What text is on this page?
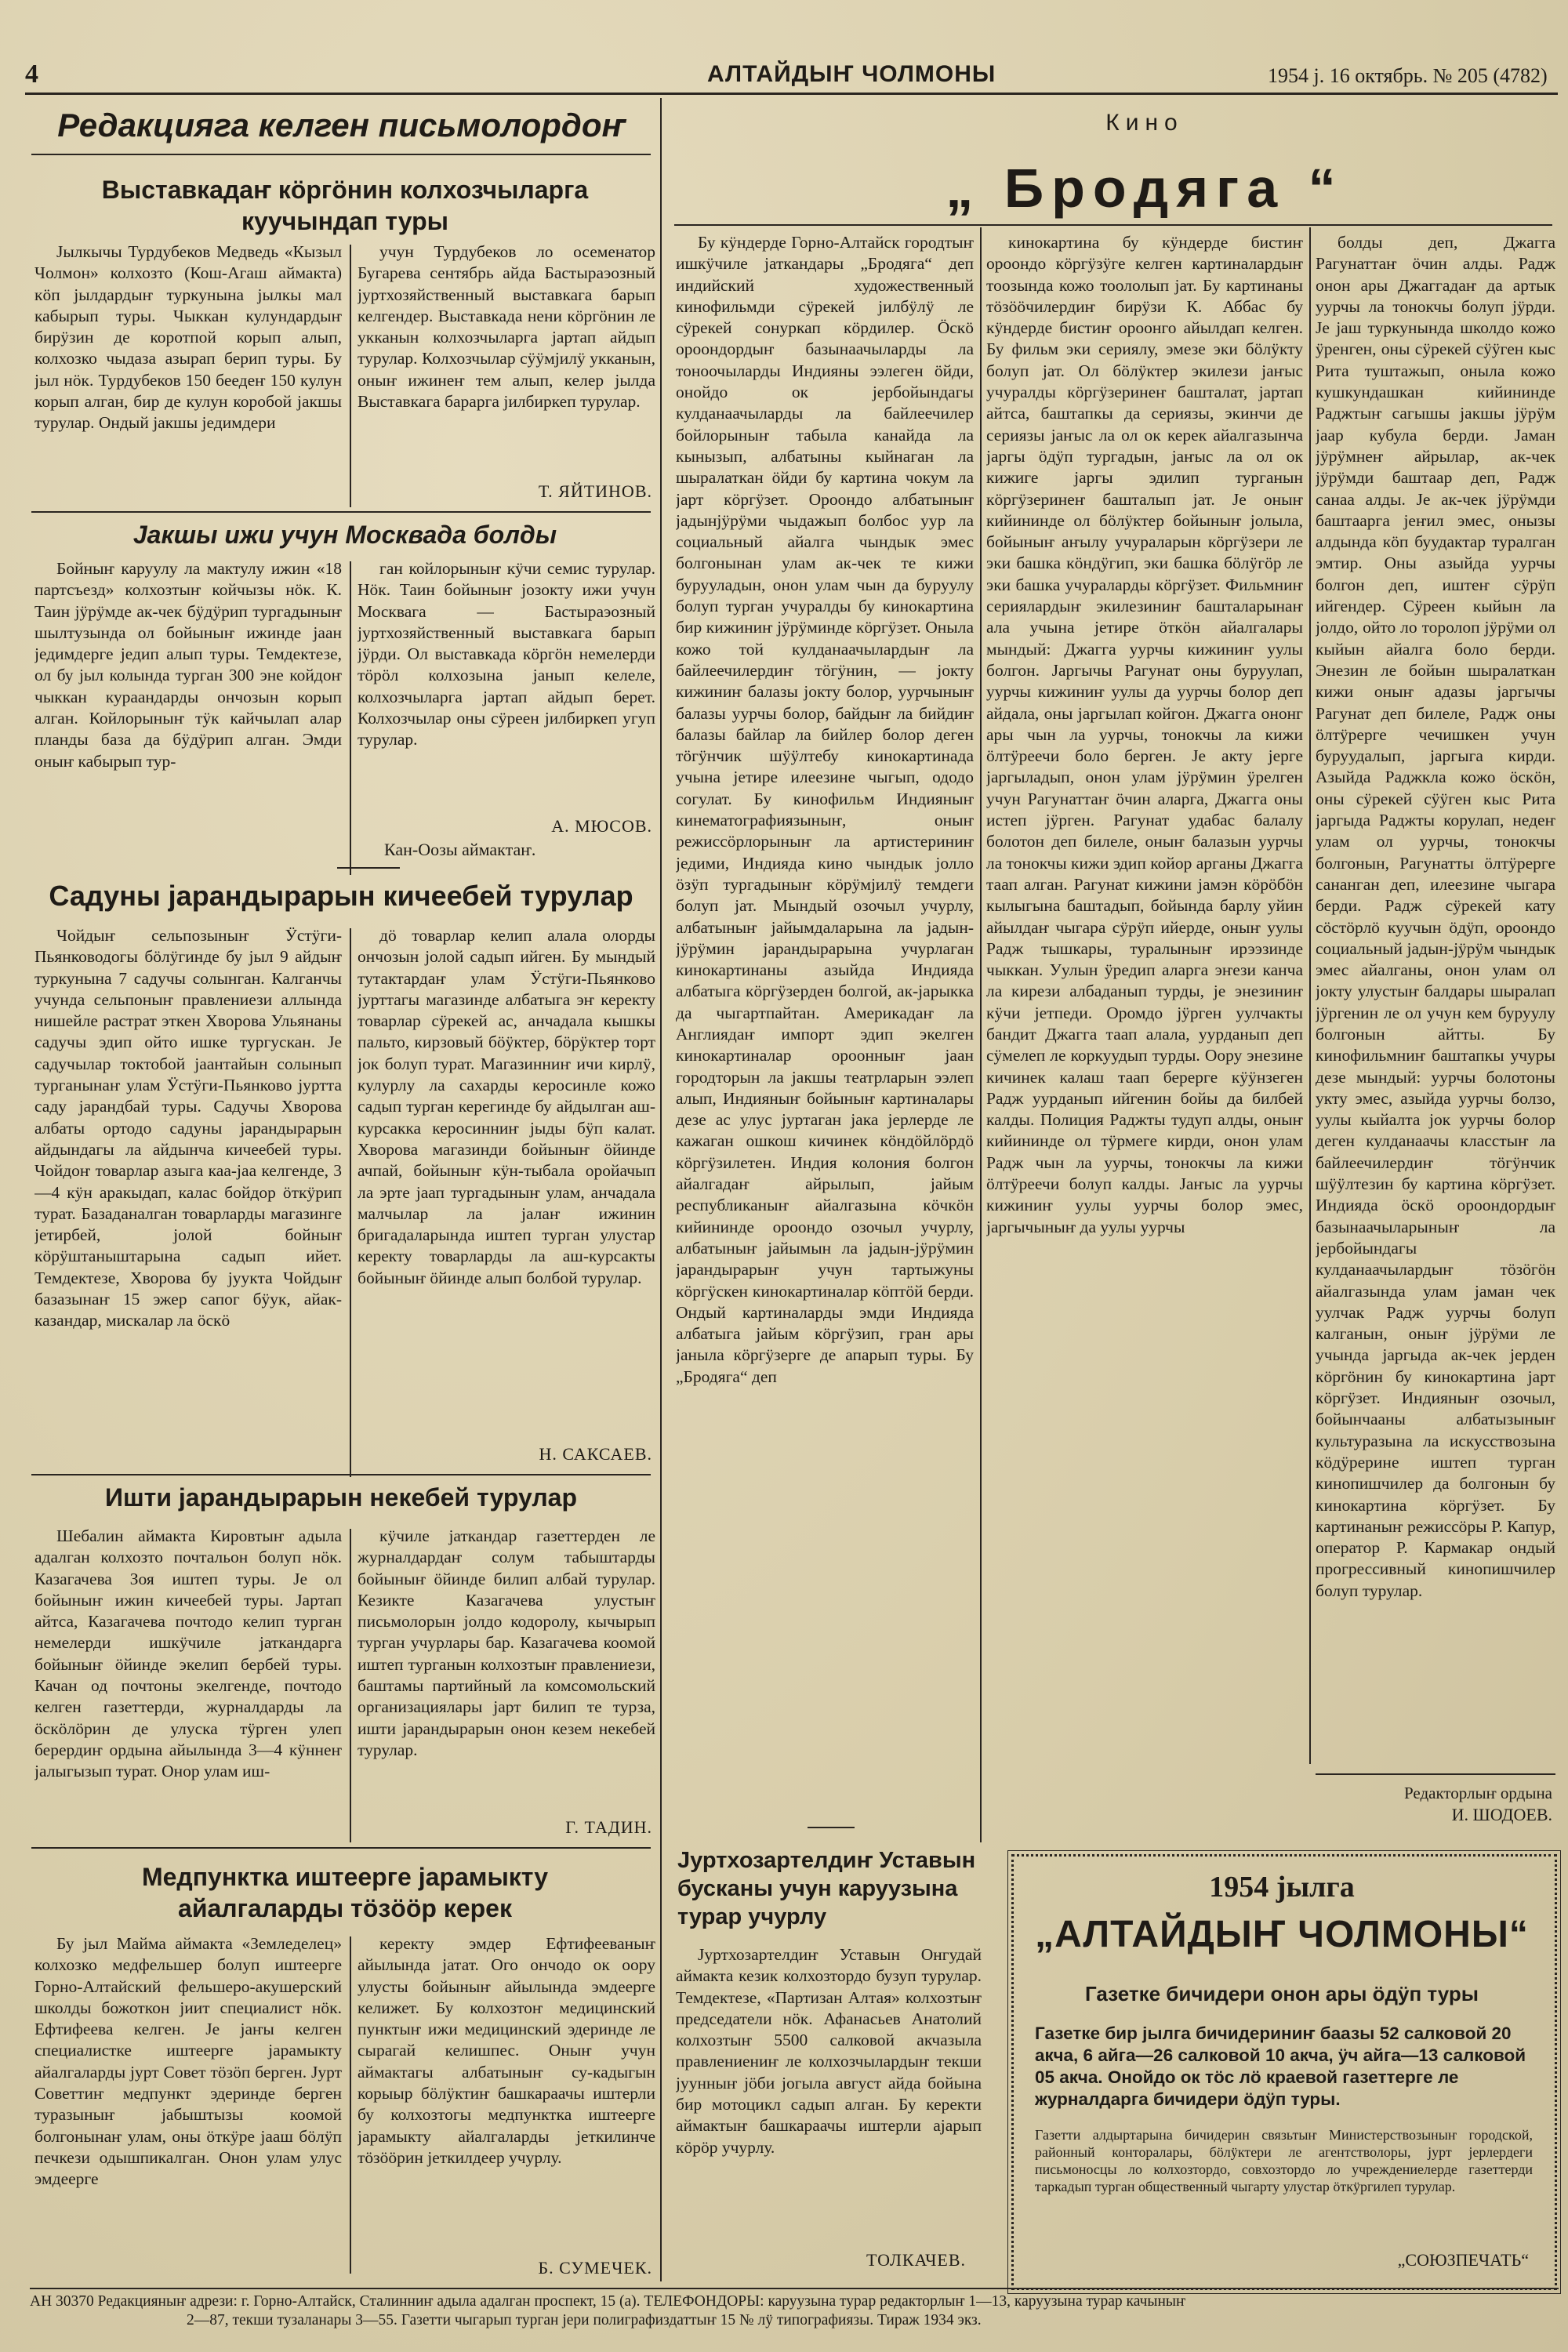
4	АЛТАЙДЫҤ ЧОЛМОНЫ	1954 j. 16 октябрь. № 205 (4782)
Редакцияга келген письмолордоҥ
Выставкадаҥ кӧргӧнин колхозчыларга куучындап туры

Jылкычы Турдубеков Медведь «Кызыл Чолмон» колхозто (Кош-Агаш аймакта) кӧп jылдардыҥ туркунына jылкы мал кабырып туры. Чыккан кулундардыҥ бирӱзин де коротпой корып алып, колхозко чыдаза азырап берип туры. Бу jыл нӧк. Турдубеков 150 беедеҥ 150 кулун корып алган, бир де кулун коробой jакшы турулар. Ондый jакшы jедимдери

учун Турдубеков ло осеменатор Бугарева сентябрь айда Бастыраэозный jуртхозяйственный выставкага барып келгендер. Выставкада нени кӧргӧнин ле укканын колхозчыларга jартап айдып турулар. Колхозчылар сӱӱмjилӱ укканын, оныҥ ижинеҥ тем алып, келер jылда Выставкага барарга jилбиркеп турулар.

Т. ЯЙТИНОВ.
Jакшы ижи учун Москвада болды

Бойныҥ каруулу ла мактулу ижин «18 партсъезд» колхозтыҥ койчызы нӧк. К. Таин jӱрӱмде ак-чек бӱдӱрип тургадыныҥ шылтузында ол бойыныҥ ижинде jаан jедимдерге jедип алып туры. Темдектезе, ол бу jыл колында турган 300 эне койдоҥ чыккан кураандарды ончозын корып алган. Койлорыныҥ тӱк кайчылап алар планды база да бӱдӱрип алган. Эмди оныҥ кабырып тур-

ган койлорыныҥ кӱчи семис турулар. Нӧк. Таин бойыныҥ jозокту ижи учун Москвага — Бастыраэозный jуртхозяйственный выставкага барып jӱрди. Ол выставкада кӧргӧн немелерди тӧрӧл колхозына jанып келеле, колхозчыларга jартап айдып берет. Колхозчылар оны сӱреен jилбиркеп угуп турулар.

А. МЮСОВ.
Кан-Оозы аймактаҥ.
Садуны jарандырарын кичеебей турулар

Чойдыҥ сельпозыныҥ Ӱстӱги-Пьянководогы бӧлӱгинде бу jыл 9 айдыҥ туркунына 7 садучы солынган. Калганчы учунда сельпоныҥ правлениези аллында нишейле растрат эткен Хворова Ульянаны садучы эдип ойто ишке тургускан. Jе садучылар токтобой jаантайын солынып турганынаҥ улам Ӱстӱги-Пьянково jуртта саду jарандбай туры. Садучы Хворова албаты ортодо садуны jарандырарын айдындагы ла айдынча кичеебей туры. Чойдоҥ товарлар азыга каа-jаа келгенде, 3—4 кӱн аракыдап, калас бойдор ӧткӱрип турат. Базаданалган товарларды магазинге jетирбей, jолой бойныҥ кӧрӱштаныштарына садып ийет. Темдектезе, Хворова бу jуукта Чойдыҥ базазынаҥ 15 эжер сапог бӱук, айак-казандар, мискалар ла ӧскӧ

дӧ товарлар келип алала олорды ончозын jолой садып ийген. Бу мындый тутактардаҥ улам Ӱстӱги-Пьянково jурттагы магазинде албатыга эҥ керекту товарлар сӱрекей ас, анчадала кышкы пальто, кирзовый бӧӱктер, бӧрӱктер торт jок болуп турат. Магазинниҥ ичи кирлӱ, кулурлу ла сахарды керосинле кожо садып турган керегинде бу айдылган аш-курсакка керосинниҥ jыды бӱп калат. Хворова магазинди бойыныҥ ӧйинде ачпай, бойыныҥ кӱн-тыбала оройачып ла эрте jаап тургадыныҥ улам, анчадала малчылар ла jалаҥ ижинин бригадаларында иштеп турган улустар керекту товарларды ла аш-курсакты бойыныҥ ӧйинде алып болбой турулар.

Н. САКСАЕВ.
Ишти jарандырарын некебей турулар

Шебалин аймакта Кировтыҥ адыла адалган колхозто почтальон болуп нӧк. Казагачева Зоя иштеп туры. Jе ол бойыныҥ ижин кичеебей туры. Jартап айтса, Казагачева почтодо келип турган немелерди ишкӱчиле jаткандарга бойыныҥ ӧйинде экелип бербей туры. Качан од почтоны экелгенде, почтодо келген газеттерди, журналдарды ла ӧскӧлӧрин де улуска тӱрген улеп берердиҥ ордына айылында 3—4 кӱннеҥ jалыгызып турат. Онор улам иш-

кӱчиле jаткандар газеттерден ле журналдардаҥ солум табыштарды бойыныҥ ӧйинде билип албай турулар. Кезикте Казагачева улустыҥ письмолорын jолдо кодоролу, кычырып турган учурлары бар. Казагачева коомой иштеп турганын колхозтыҥ правлениези, баштамы партийный ла комсомольский организациялары jарт билип те турза, ишти jарандырарын онон кезем некебей турулар.

Г. ТАДИН.
Медпунктка иштеерге jарамыкту айалгаларды тӧзӧӧр керек

Бу jыл Майма аймакта «Земледелец» колхозко медфельшер болуп иштеерге Горно-Алтайский фельшеро-акушерский школды божоткон jиит специалист нӧк. Ефтифеева келген. Jе jаҥы келген специалистке иштеерге jарамыкту айалгаларды jурт Совет тӧзӧп берген. Jурт Советтиҥ медпункт эдеринде берген туразыныҥ jабыштызы коомой болгонынаҥ улам, оны ӧткӱре jааш бӧлӱп печкези одышпикалган. Онон улам улус эмдеерге

керекту эмдер Ефтифееваныҥ айылында jатат. Ого ончодо ок оору улусты бойыныҥ айылында эмдеерге келижет. Бу колхозтоҥ медицинский пунктыҥ ижи медицинский эдеринде ле сырагай келишпес. Оныҥ учун аймактагы албатыныҥ су-кадыгын корыыр бӧлӱктиҥ башкараачы иштерли бу колхозтогы медпунктка иштеерге jарамыкту айалгаларды jеткилинче тӧзӧӧрин jеткилдеер учурлу.

Б. СУМЕЧЕК.
Кино
„ Бродяга “

Бу кӱндерде Горно-Алтайск городтыҥ ишкӱчиле jаткандары „Бродяга“ деп индийский художественный кинофильмди сӱрекей jилбӱлӱ ле сӱрекей сонуркап кӧрдилер. Ӧскӧ ороондордыҥ базынаачыларды ла тоноочыларды Индияны ээлеген ӧйди, онойдо ок jербойындагы кулданаачыларды ла байлеечилер бойлорыныҥ табыла канайда ла кынызып, албатыны кыйнаган ла шыралаткан ӧйди бу картина чокум ла jарт кӧргӱзет. Ороондо албатыныҥ jадынjӱрӱми чыдажып болбос уур ла социальный айалга чындык эмес болгонынан улам ак-чек те кижи бурууладын, онон улам чын да буруулу болуп турган учуралды бу кинокартина бир кижиниҥ jӱрӱминде кӧргӱзет. Оныла кожо той кулданаачылардыҥ ла байлеечилердиҥ тӧгӱнин, — jокту кижиниҥ балазы jокту болор, уурчыныҥ балазы уурчы болор, байдыҥ ла бийдиҥ балазы байлар ла бийлер болор деген тӧгӱнчик шӱӱлтебу кинокартинада учына jетире илеезине чыгып, ододо согулат. Бу кинофильм Индияныҥ кинематографиязыныҥ, оныҥ режиссӧрлорыныҥ ла артистериниҥ jедими, Индияда кино чындык jолло ӧзӱп тургадыныҥ кӧрӱмjилӱ темдеги болуп jат. Мындый озочыл учурлу, албатыныҥ jайымдаларына ла jадын-jӱрӱмин jарандырарына учурлаган кинокартинаны азыйда Индияда албатыга кӧргӱзерден болгой, ак-jарыкка да чыгартпайтан. Америкадаҥ ла Англиядаҥ импорт эдип экелген кинокартиналар ороонныҥ jаан городторын ла jакшы театрларын ээлеп алып, Индияныҥ бойыныҥ картиналары дезе ас улус jуртаган jака jерлерде ле кажаган ошкош кичинек кӧндӧйлӧрдӧ кӧргӱзилетен. Индия колония болгон айалгадаҥ айрылып, jайым республиканыҥ айалгазына кӧчкӧн кийининде ороондо озочыл учурлу, албатыныҥ jайымын ла jадын-jӱрӱмин jарандырарыҥ учун тартыжуны кӧргӱскен кинокартиналар кӧптӧй берди. Ондый картиналарды эмди Индияда албатыга jайым кӧргӱзип, гран ары jаныла кӧргӱзерге де апарып туры. Бу „Бродяга“ деп

кинокартина бу кӱндерде бистиҥ ороондо кӧргӱзӱге келген картиналардыҥ тоозында кожо тоололып jат. Бу картинаны тӧзӧӧчилердиҥ бирӱзи К. Аббас бу кӱндерде бистиҥ ороонго айылдап келген. Бу фильм эки сериялу, эмезе эки бӧлӱкту болуп jат. Ол бӧлӱктер экилези jаҥыс учуралды кӧргӱзеринеҥ башталат, jартап айтса, баштапкы да сериязы, экинчи де сериязы jаҥыс ла ол ок керек айалгазынча jаргы ӧдӱп тургадын, jаҥыс ла ол ок кижиге jаргы эдилип турганын кӧргӱзеринеҥ башталып jат. Jе оныҥ кийининде ол бӧлӱктер бойыныҥ jолыла, бойыныҥ аҥылу учураларын кӧргӱзери ле эки башка кӧндӱгип, эки башка бӧлӱгӧр ле эки башка учураларды кӧргӱзет. Фильмниҥ сериялардыҥ экилезиниҥ башталарынаҥ ала учына jетире ӧткӧн айалгалары мындый: Джагга уурчы кижиниҥ уулы болгон. Jаргычы Рагунат оны буруулап, уурчы кижиниҥ уулы да уурчы болор деп айдала, оны jаргылап койгон. Джагга ононг ары чын ла уурчы, тонокчы ла кижи ӧлтӱреечи боло берген. Jе акту jерге jаргыладып, онон улам jӱрӱмин ӱрелген учун Рагунаттаҥ ӧчин аларга, Джагга оны истеп jӱрген. Рагунат удабас балалу болотон деп билеле, оныҥ балазын уурчы ла тонокчы кижи эдип койор арганы Джагга таап алган. Рагунат кижини jамэн кӧрӧбӧн кылыгына баштадып, бойында барлу уйин айылдаҥ чыгара сӱрӱп ийерде, оныҥ уулы Радж тышкары, туралыныҥ ирээзинде чыккан. Уулын ӱредип аларга эҥези канча ла кирези албаданып турды, jе энезиниҥ кӱчи jетпеди. Оромдо jӱрген уулчакты бандит Джагга таап алала, уурданып деп сӱмелеп ле коркуудып турды. Оору энезине кичинек калаш таап берерге кӱӱнзеген Радж уурданып ийгенин бойы да билбей калды. Полиция Раджты тудуп алды, оныҥ кийининде ол тӱрмеге кирди, онон улам Радж чын ла уурчы, тонокчы ла кижи ӧлтӱреечи болуп калды. Jаҥыс ла уурчы кижиниҥ уулы уурчы болор эмес, jаргычыныҥ да уулы уурчы

болды деп, Джагга Рагунаттаҥ ӧчин алды. Радж онон ары Джаггадаҥ да артык уурчы ла тонокчы болуп jӱрди. Jе jаш туркунында школдо кожо ӱренген, оны сӱрекей сӱӱген кыс Рита туштажып, оныла кожо кушкундашкан кийининде Раджтыҥ сагышы jакшы jӱрӱм jаар кубула берди. Jаман jӱрӱмнеҥ айрылар, ак-чек jӱрӱмди баштаар деп, Радж санаа алды. Jе ак-чек jӱрӱмди баштаарга jеҥил эмес, онызы алдында кӧп буудактар туралган эмтир. Оны азыйда уурчы болгон деп, иштеҥ сӱрӱп ийгендер. Сӱреен кыйын ла jолдо, ойто ло торолоп jӱрӱми ол кыйын айалга боло берди. Энезин ле бойын шыралаткан кижи оныҥ адазы jаргычы Рагунат деп билеле, Радж оны ӧлтӱрерге чечишкен учун буруудалып, jаргыга кирди. Азыйда Раджкла кожо ӧскӧн, оны сӱрекей сӱӱген кыс Рита jаргыда Раджты корулап, недеҥ улам ол уурчы, тонокчы болгонын, Рагунатты ӧлтӱрерге сананган деп, илеезине чыгара берди. Радж сӱрекей кату сӧстӧрлӧ куучын ӧдӱп, ороондо социальный jадын-jӱрӱм чындык эмес айалганы, онон улам ол jокту улустыҥ балдары шыралап jӱргенин ле ол учун кем буруулу болгонын айтты. Бу кинофильмниҥ баштапкы учуры дезе мындый: уурчы болотоны укту эмес, азыйда уурчы болзо, уулы кыйалта jок уурчы болор деген кулданаачы класстыҥ ла байлеечилердиҥ тӧгӱнчик шӱӱлтезин бу картина кӧргӱзет. Индияда ӧскӧ ороондордыҥ базынаачыларыныҥ ла jербойындагы кулданаачылардыҥ тӧзӧгӧн айалгазында улам jаман чек уулчак Радж уурчы болуп калганын, оныҥ jӱрӱми ле учында jаргыда ак-чек jерден кӧргӧнин бу кинокартина jарт кӧргӱзет. Индияныҥ озочыл, бойынчааны албатызыныҥ культуразына ла искусствозына кӧдӱрерине иштеп турган кинопишчилер да болгонын бу кинокартина кӧргӱзет. Бу картинаныҥ режиссӧры Р. Капур, оператор Р. Кармакар ондый прогрессивный кинопишчилер болуп турулар.

Редакторлыҥ ордына
И. ШОДОЕВ.
Jуртхозартелдиҥ Уставын бусканы учун каруузына турар учурлу

Jуртхозартелдиҥ Уставын Онгудай аймакта кезик колхозтордо бузуп турулар. Темдектезе, «Партизан Алтая» колхозтыҥ председатели нӧк. Афанасьев Анатолий колхозтыҥ 5500 салковой акчазыла правлениениҥ ле колхозчылардыҥ текши jуунныҥ jӧби jогыла август айда бойына бир мотоцикл садып алган. Бу керекти аймактыҥ башкараачы иштерли аjарып кӧрӧр учурлу.

ТОЛКАЧЕВ.
1954 jылга
„АЛТАЙДЫҤ ЧОЛМОНЫ“
Газетке бичидери онон ары ӧдӱп туры
Газетке бир jылга бичидериниҥ баазы 52 салковой 20 акча, 6 айга—26 салковой 10 акча, ӱч айга—13 салковой 05 акча. Онойдо ок тӧс лӧ краевой газеттерге ле журналдарга бичидери ӧдӱп туры.
Газетти алдыртарына бичидерин связьтыҥ Министерствозыныҥ городской, районный конторалары, бӧлӱктери ле агентстволоры, jурт jерлердеги письмоносцы ло колхозтордо, совхозтордо ло учреждениелерде газеттерди таркадып турган общественный чыгарту улустар ӧткӱргилеп турулар.
„СОЮЗПЕЧАТЬ“
АН 30370 Редакцияныҥ адрези: г. Горно-Алтайск, Сталинниҥ адыла адалган проспект, 15 (а). ТЕЛЕФОНДОРЫ: каруузына турар редакторлыҥ 1—13, каруузына турар качыныҥ
2—87, текши тузаланары 3—55. Газетти чыгарып турган jери полиграфиздаттыҥ 15 № лӱ типографиязы. Тираж 1934 экз.
